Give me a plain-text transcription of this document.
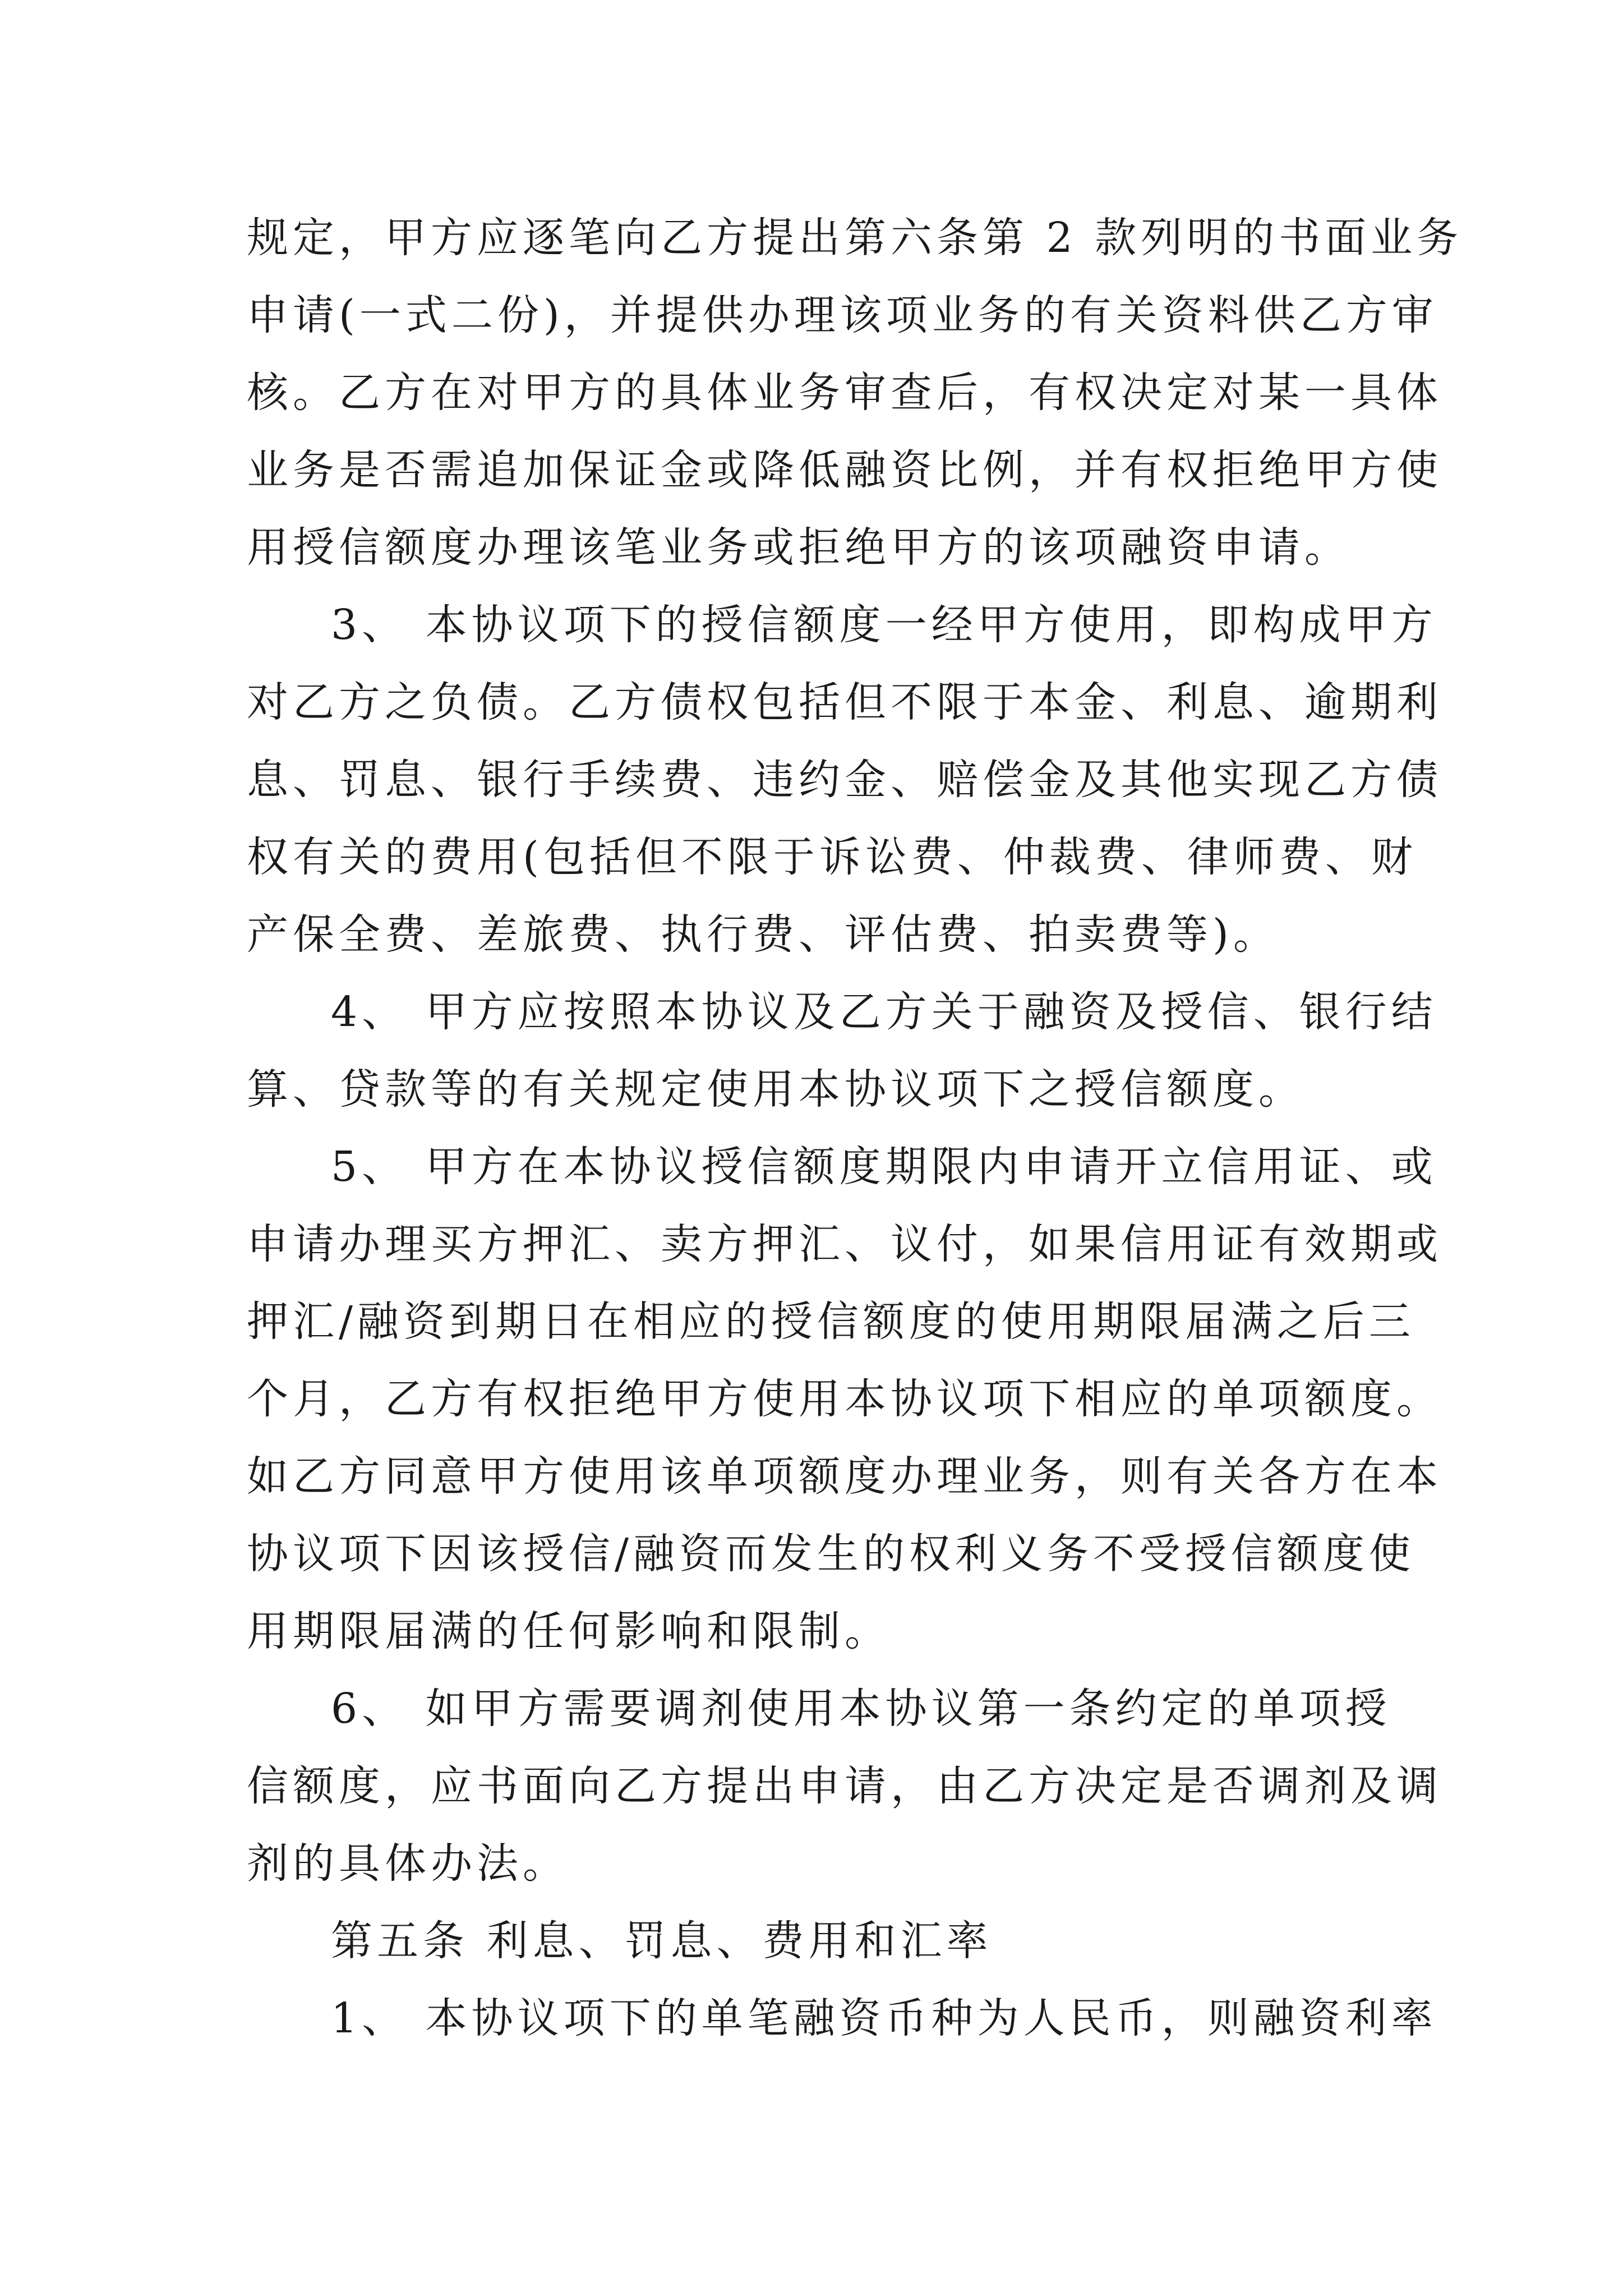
规定，甲方应逐笔向乙方提出第六条第 2 款列明的书面业务
申请(一式二份)，并提供办理该项业务的有关资料供乙方审
核。乙方在对甲方的具体业务审查后，有权决定对某一具体
业务是否需追加保证金或降低融资比例，并有权拒绝甲方使
用授信额度办理该笔业务或拒绝甲方的该项融资申请。
3、 本协议项下的授信额度一经甲方使用，即构成甲方
对乙方之负债。乙方债权包括但不限于本金、利息、逾期利
息、罚息、银行手续费、违约金、赔偿金及其他实现乙方债
权有关的费用(包括但不限于诉讼费、仲裁费、律师费、财
产保全费、差旅费、执行费、评估费、拍卖费等)。
4、 甲方应按照本协议及乙方关于融资及授信、银行结
算、贷款等的有关规定使用本协议项下之授信额度。
5、 甲方在本协议授信额度期限内申请开立信用证、或
申请办理买方押汇、卖方押汇、议付，如果信用证有效期或
押汇/融资到期日在相应的授信额度的使用期限届满之后三
个月，乙方有权拒绝甲方使用本协议项下相应的单项额度。
如乙方同意甲方使用该单项额度办理业务，则有关各方在本
协议项下因该授信/融资而发生的权利义务不受授信额度使
用期限届满的任何影响和限制。
6、 如甲方需要调剂使用本协议第一条约定的单项授
信额度，应书面向乙方提出申请，由乙方决定是否调剂及调
剂的具体办法。
第五条 利息、罚息、费用和汇率
1、 本协议项下的单笔融资币种为人民币，则融资利率
